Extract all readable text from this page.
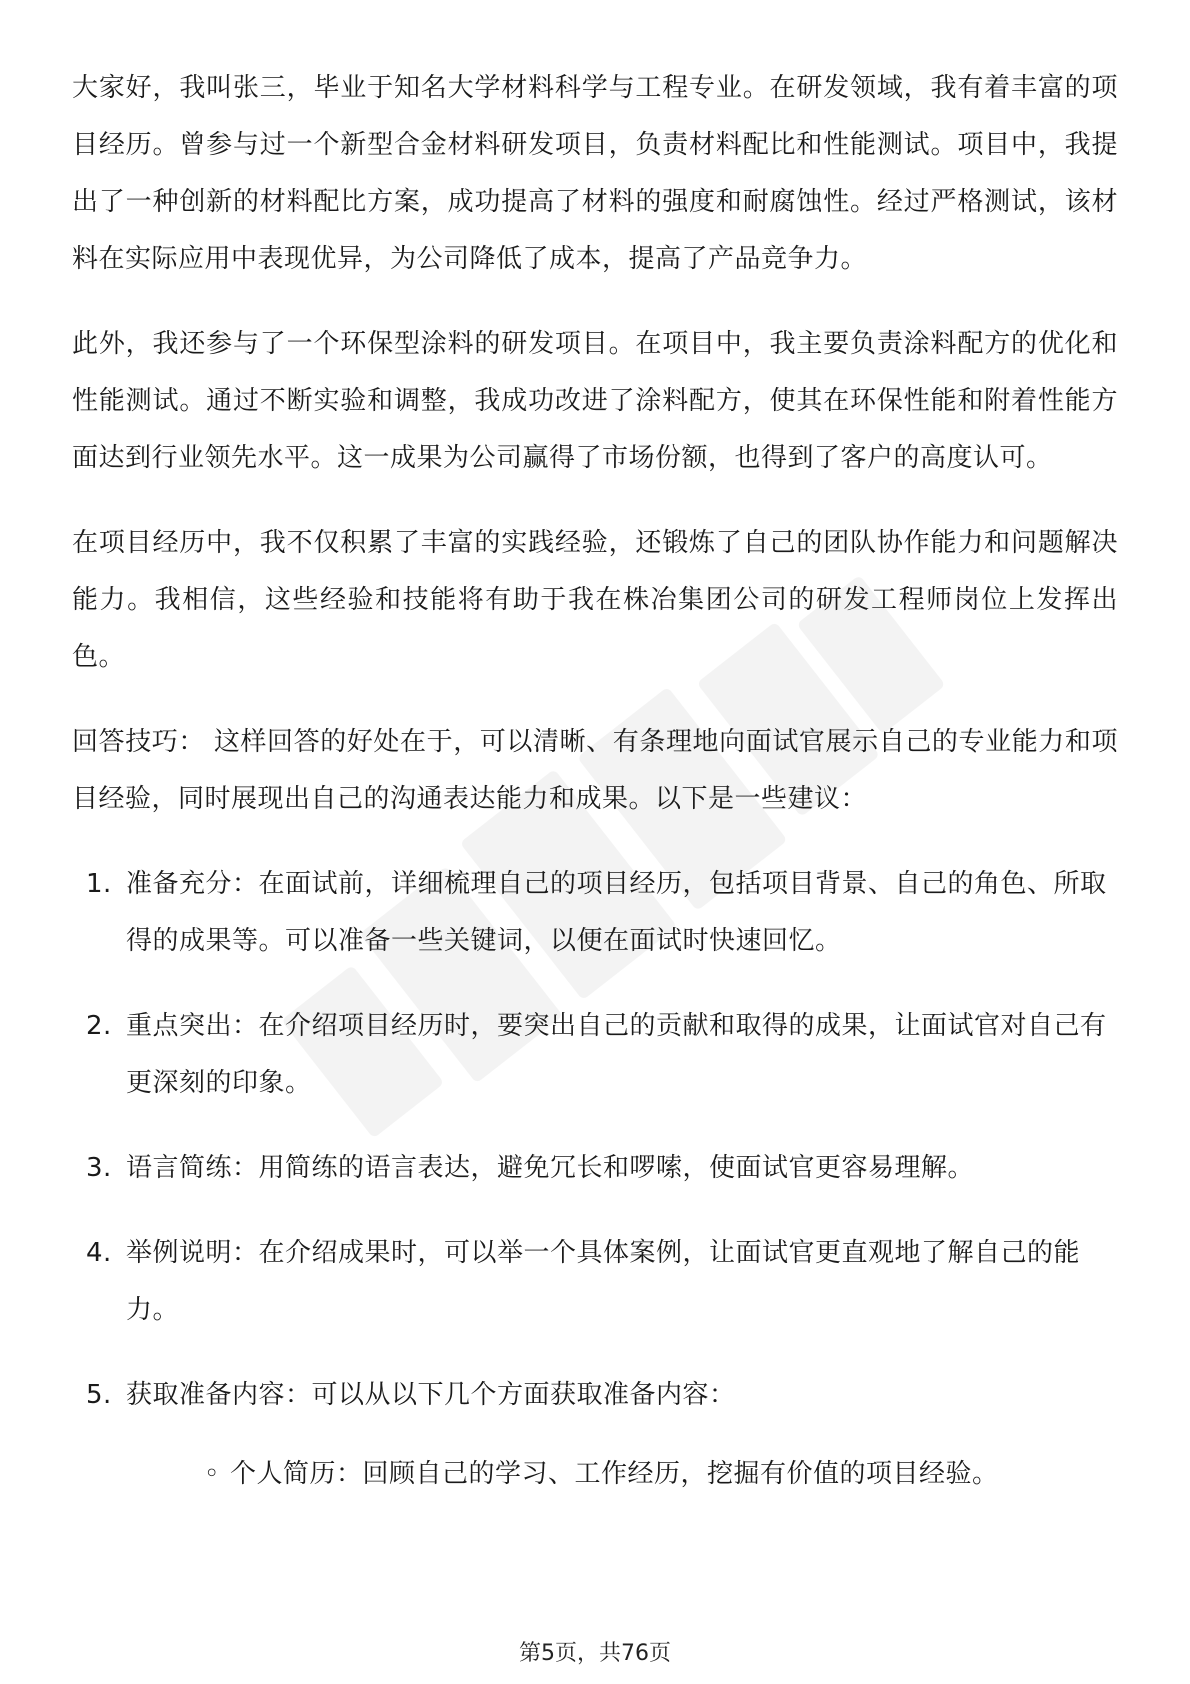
大家好，我叫张三，毕业于知名大学材料科学与工程专业。在研发领域，我有着丰富的项目经历。曾参与过一个新型合金材料研发项目，负责材料配比和性能测试。项目中，我提出了一种创新的材料配比方案，成功提高了材料的强度和耐腐蚀性。经过严格测试，该材料在实际应用中表现优异，为公司降低了成本，提高了产品竞争力。

此外，我还参与了一个环保型涂料的研发项目。在项目中，我主要负责涂料配方的优化和性能测试。通过不断实验和调整，我成功改进了涂料配方，使其在环保性能和附着性能方面达到行业领先水平。这一成果为公司赢得了市场份额，也得到了客户的高度认可。

在项目经历中，我不仅积累了丰富的实践经验，还锻炼了自己的团队协作能力和问题解决能力。我相信，这些经验和技能将有助于我在株冶集团公司的研发工程师岗位上发挥出色。

回答技巧： 这样回答的好处在于，可以清晰、有条理地向面试官展示自己的专业能力和项目经验，同时展现出自己的沟通表达能力和成果。以下是一些建议：

1. 准备充分：在面试前，详细梳理自己的项目经历，包括项目背景、自己的角色、所取得的成果等。可以准备一些关键词，以便在面试时快速回忆。
2. 重点突出：在介绍项目经历时，要突出自己的贡献和取得的成果，让面试官对自己有更深刻的印象。
3. 语言简练：用简练的语言表达，避免冗长和啰嗦，使面试官更容易理解。
4. 举例说明：在介绍成果时，可以举一个具体案例，让面试官更直观地了解自己的能力。
5. 获取准备内容：可以从以下几个方面获取准备内容：
◦ 个人简历：回顾自己的学习、工作经历，挖掘有价值的项目经验。
第5页，共76页
